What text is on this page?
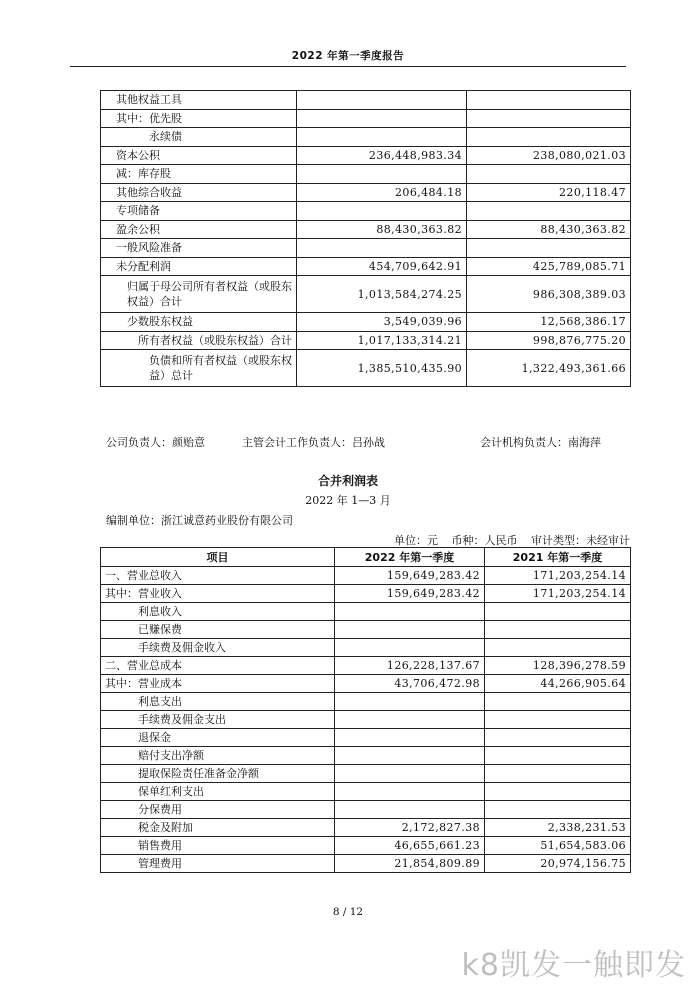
2022 年第一季度报告
其他权益工具		
其中：优先股		
永续债		
资本公积	236,448,983.34	238,080,021.03
减：库存股		
其他综合收益	206,484.18	220,118.47
专项储备		
盈余公积	88,430,363.82	88,430,363.82
一般风险准备		
未分配利润	454,709,642.91	425,789,085.71
归属于母公司所有者权益（或股东权益）合计	1,013,584,274.25	986,308,389.03
少数股东权益	3,549,039.96	12,568,386.17
所有者权益（或股东权益）合计	1,017,133,314.21	998,876,775.20
负债和所有者权益（或股东权益）总计	1,385,510,435.90	1,322,493,361.66
公司负责人：颜贻意	主管会计工作负责人：吕孙战	会计机构负责人：南海萍
合并利润表
2022 年 1—3 月
编制单位：浙江诚意药业股份有限公司
单位：元 币种：人民币 审计类型：未经审计
项目	2022 年第一季度	2021 年第一季度
一、营业总收入	159,649,283.42	171,203,254.14
其中：营业收入	159,649,283.42	171,203,254.14
利息收入		
已赚保费		
手续费及佣金收入		
二、营业总成本	126,228,137.67	128,396,278.59
其中：营业成本	43,706,472.98	44,266,905.64
利息支出		
手续费及佣金支出		
退保金		
赔付支出净额		
提取保险责任准备金净额		
保单红利支出		
分保费用		
税金及附加	2,172,827.38	2,338,231.53
销售费用	46,655,661.23	51,654,583.06
管理费用	21,854,809.89	20,974,156.75
8 / 12
k8凯发一触即发
